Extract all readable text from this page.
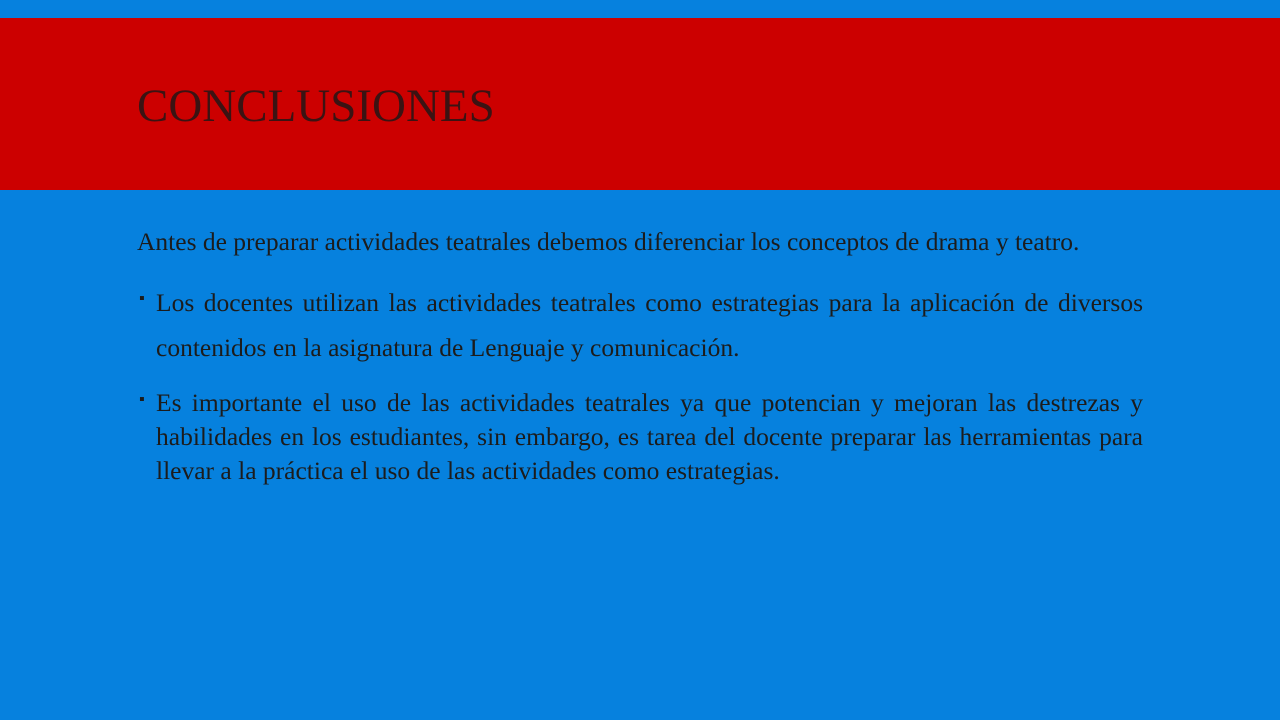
CONCLUSIONES

Antes de preparar actividades teatrales debemos diferenciar los conceptos de drama y teatro.

▪ Los docentes utilizan las actividades teatrales como estrategias para la aplicación de diversos contenidos en la asignatura de Lenguaje y comunicación.
▪ Es importante el uso de las actividades teatrales ya que potencian y mejoran las destrezas y habilidades en los estudiantes, sin embargo, es tarea del docente preparar las herramientas para llevar a la práctica el uso de las actividades como estrategias.
